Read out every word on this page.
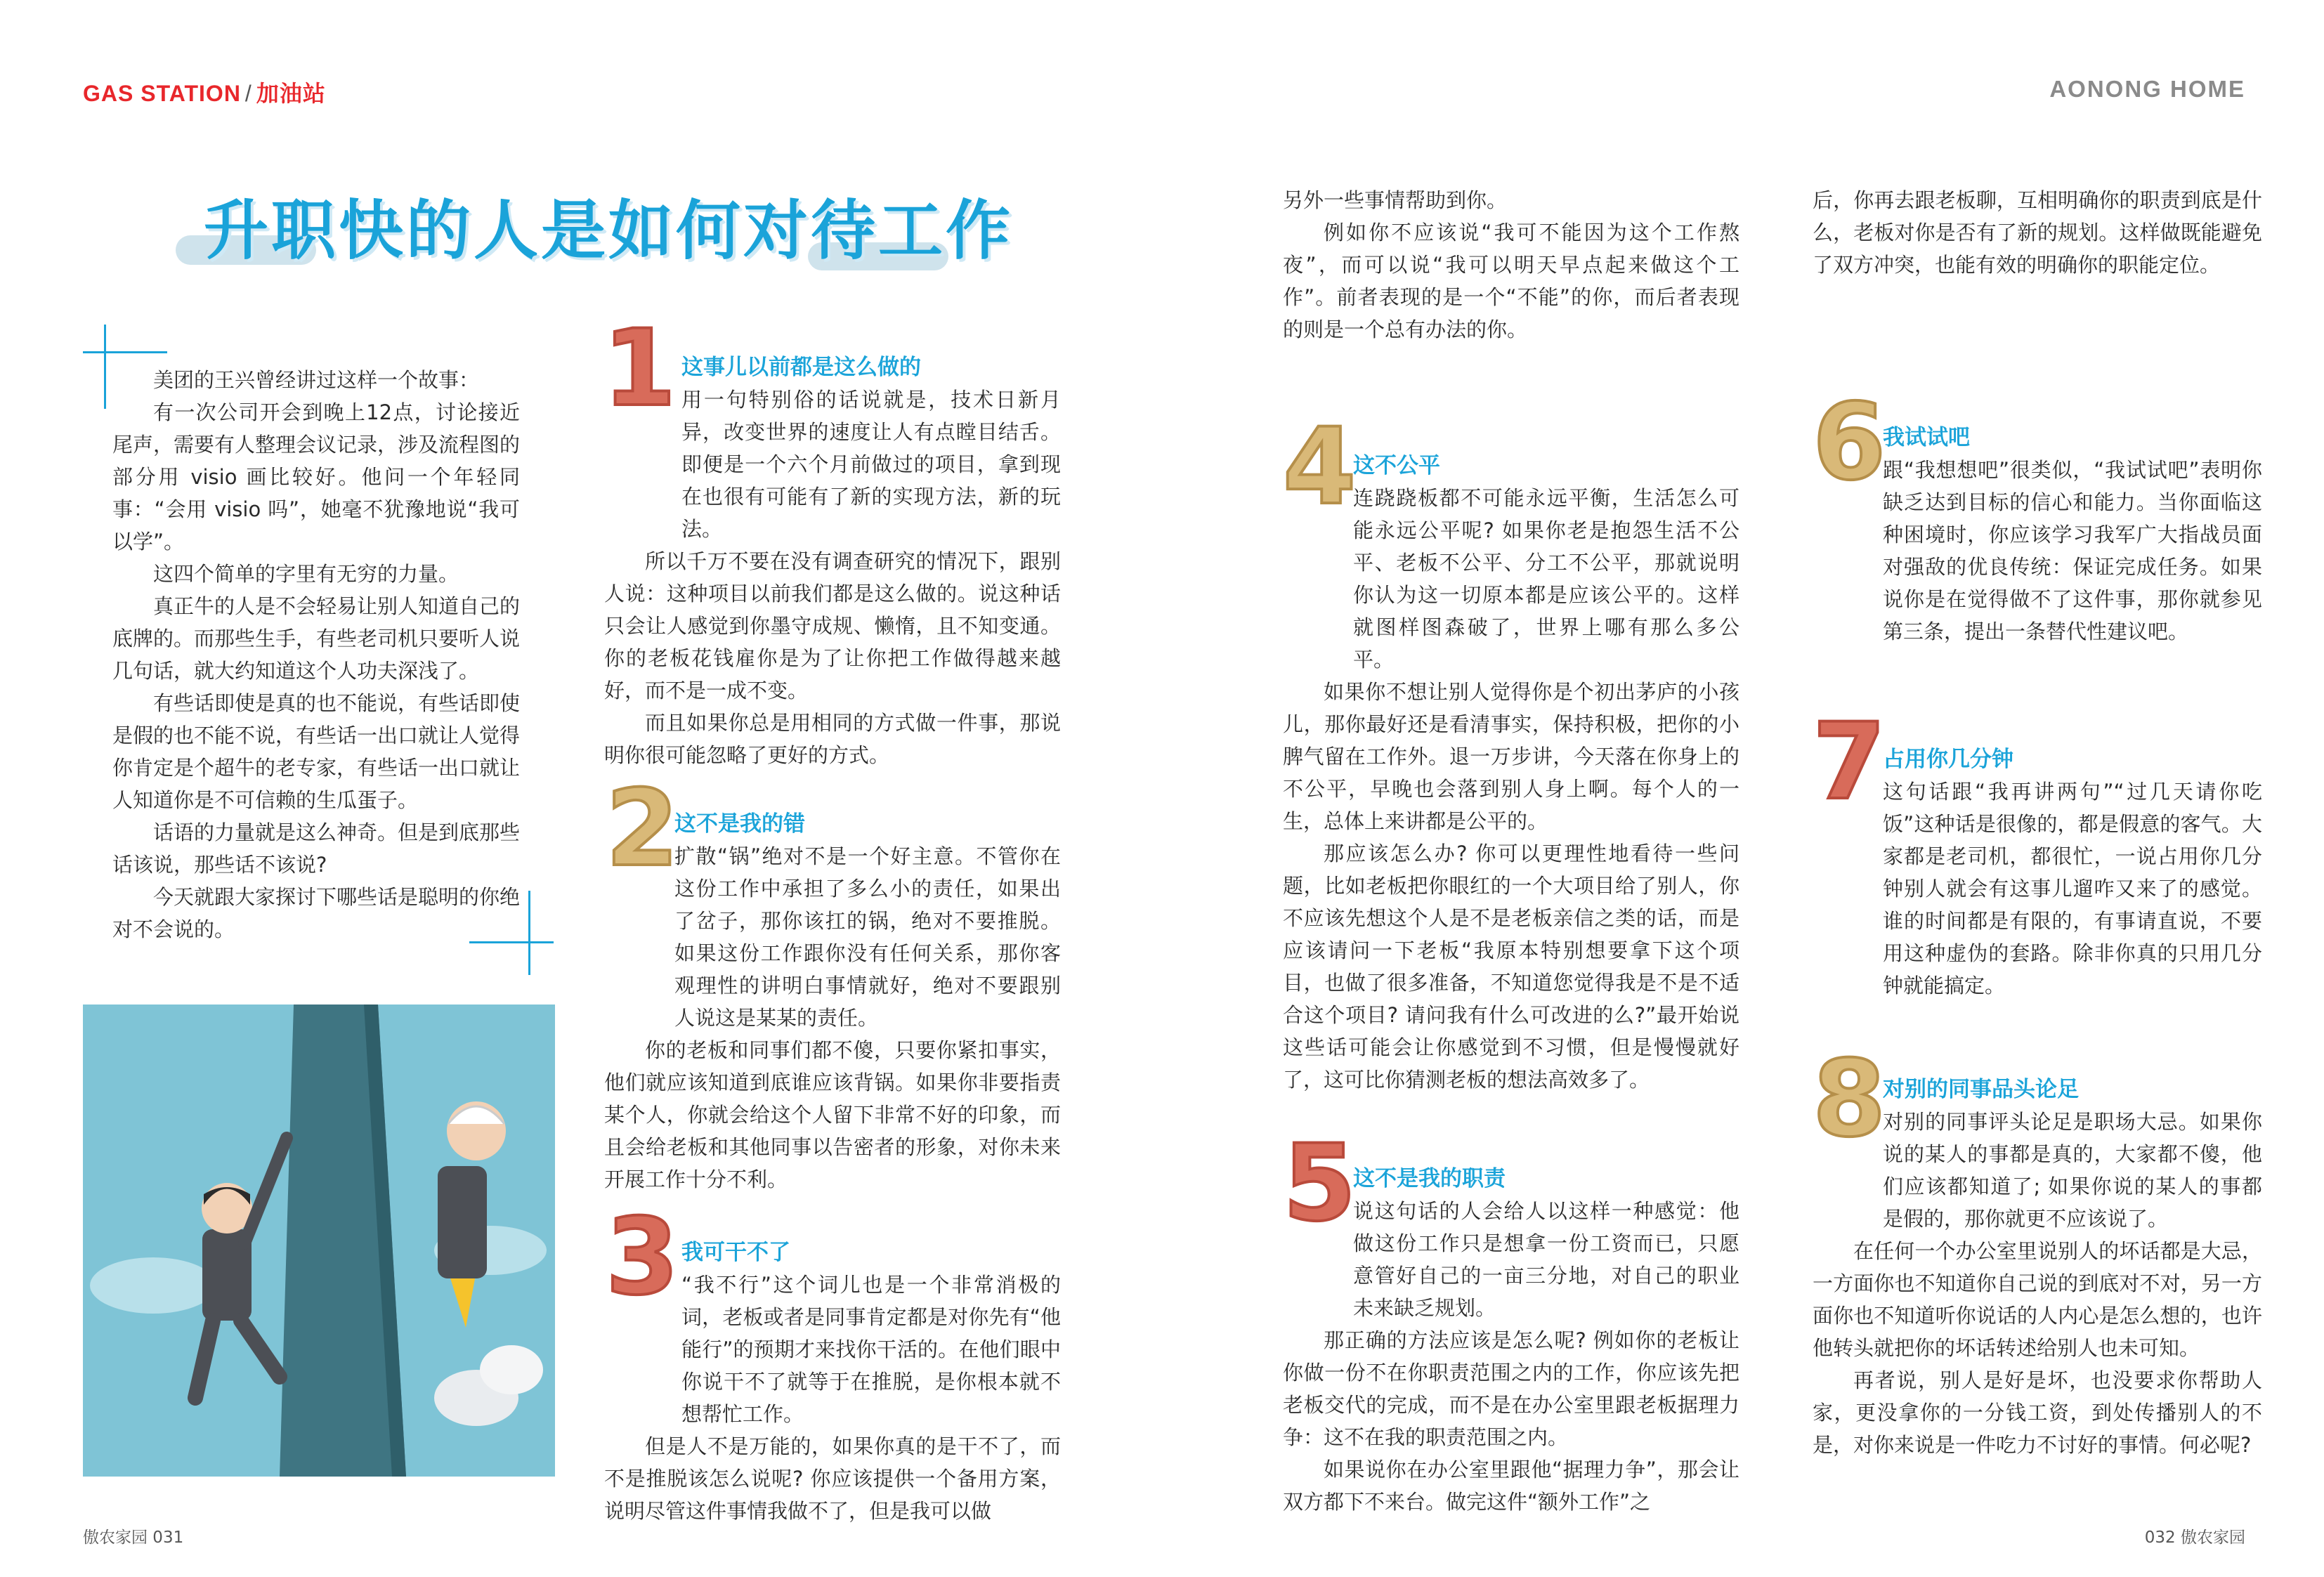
GAS STATION / 加油站	AONONG HOME
升职快的人是如何对待工作

美团的王兴曾经讲过这样一个故事：

有一次公司开会到晚上12点，讨论接近尾声，需要有人整理会议记录，涉及流程图的部分用 visio 画比较好。他问一个年轻同事：“会用 visio 吗”，她毫不犹豫地说“我可以学”。

这四个简单的字里有无穷的力量。

真正牛的人是不会轻易让别人知道自己的底牌的。而那些生手，有些老司机只要听人说几句话，就大约知道这个人功夫深浅了。

有些话即使是真的也不能说，有些话即使是假的也不能不说，有些话一出口就让人觉得你肯定是个超牛的老专家，有些话一出口就让人知道你是不可信赖的生瓜蛋子。

话语的力量就是这么神奇。但是到底那些话该说，那些话不该说?

今天就跟大家探讨下哪些话是聪明的你绝对不会说的。

1 这事儿以前都是这么做的

用一句特别俗的话说就是，技术日新月异，改变世界的速度让人有点瞠目结舌。即便是一个六个月前做过的项目，拿到现在也很有可能有了新的实现方法，新的玩法。

所以千万不要在没有调查研究的情况下，跟别人说：这种项目以前我们都是这么做的。说这种话只会让人感觉到你墨守成规、懒惰，且不知变通。你的老板花钱雇你是为了让你把工作做得越来越好，而不是一成不变。

而且如果你总是用相同的方式做一件事，那说明你很可能忽略了更好的方式。

2

这不是我的错

扩散“锅”绝对不是一个好主意。不管你在这份工作中承担了多么小的责任，如果出了岔子，那你该扛的锅，绝对不要推脱。如果这份工作跟你没有任何关系，那你客观理性的讲明白事情就好，绝对不要跟别人说这是某某的责任。

你的老板和同事们都不傻，只要你紧扣事实，他们就应该知道到底谁应该背锅。如果你非要指责某个人，你就会给这个人留下非常不好的印象，而且会给老板和其他同事以告密者的形象，对你未来开展工作十分不利。

3 我可干不了

“我不行”这个词儿也是一个非常消极的词，老板或者是同事肯定都是对你先有“他能行”的预期才来找你干活的。在他们眼中你说干不了就等于在推脱，是你根本就不想帮忙工作。

但是人不是万能的，如果你真的是干不了，而不是推脱该怎么说呢? 你应该提供一个备用方案，说明尽管这件事情我做不了，但是我可以做

另外一些事情帮助到你。

例如你不应该说“我可不能因为这个工作熬夜”，而可以说“我可以明天早点起来做这个工作”。前者表现的是一个“不能”的你，而后者表现的则是一个总有办法的你。

4

这不公平

连跷跷板都不可能永远平衡，生活怎么可能永远公平呢? 如果你老是抱怨生活不公平、老板不公平、分工不公平，那就说明你认为这一切原本都是应该公平的。这样就图样图森破了，世界上哪有那么多公平。

如果你不想让别人觉得你是个初出茅庐的小孩儿，那你最好还是看清事实，保持积极，把你的小脾气留在工作外。退一万步讲，今天落在你身上的不公平，早晚也会落到别人身上啊。每个人的一生，总体上来讲都是公平的。

那应该怎么办? 你可以更理性地看待一些问题，比如老板把你眼红的一个大项目给了别人，你不应该先想这个人是不是老板亲信之类的话，而是应该请问一下老板“我原本特别想要拿下这个项目，也做了很多准备，不知道您觉得我是不是不适合这个项目? 请问我有什么可改进的么?”最开始说这些话可能会让你感觉到不习惯，但是慢慢就好了，这可比你猜测老板的想法高效多了。

5

这不是我的职责

说这句话的人会给人以这样一种感觉：他做这份工作只是想拿一份工资而已，只愿意管好自己的一亩三分地，对自己的职业未来缺乏规划。

那正确的方法应该是怎么呢? 例如你的老板让你做一份不在你职责范围之内的工作，你应该先把老板交代的完成，而不是在办公室里跟老板据理力争：这不在我的职责范围之内。

如果说你在办公室里跟他“据理力争”，那会让双方都下不来台。做完这件“额外工作”之

后，你再去跟老板聊，互相明确你的职责到底是什么，老板对你是否有了新的规划。这样做既能避免了双方冲突，也能有效的明确你的职能定位。

6

我试试吧

跟“我想想吧”很类似，“我试试吧”表明你缺乏达到目标的信心和能力。当你面临这种困境时，你应该学习我军广大指战员面对强敌的优良传统：保证完成任务。如果说你是在觉得做不了这件事，那你就参见第三条，提出一条替代性建议吧。

7

占用你几分钟

这句话跟“我再讲两句”“过几天请你吃饭”这种话是很像的，都是假意的客气。大家都是老司机，都很忙，一说占用你几分钟别人就会有这事儿遛咋又来了的感觉。谁的时间都是有限的，有事请直说，不要用这种虚伪的套路。除非你真的只用几分钟就能搞定。

8

对别的同事品头论足

对别的同事评头论足是职场大忌。如果你说的某人的事都是真的，大家都不傻，他们应该都知道了; 如果你说的某人的事都是假的，那你就更不应该说了。

在任何一个办公室里说别人的坏话都是大忌，一方面你也不知道你自己说的到底对不对，另一方面你也不知道听你说话的人内心是怎么想的，也许他转头就把你的坏话转述给别人也未可知。

再者说，别人是好是坏，也没要求你帮助人家，更没拿你的一分钱工资，到处传播别人的不是，对你来说是一件吃力不讨好的事情。何必呢?

傲农家园 031	032 傲农家园
